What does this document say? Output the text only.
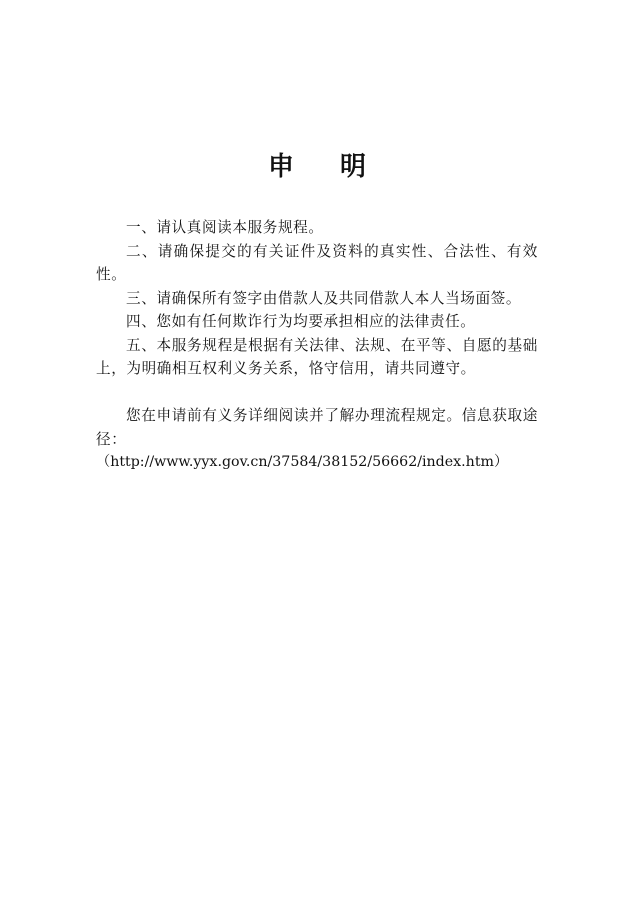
申 明

一、请认真阅读本服务规程。

二、请确保提交的有关证件及资料的真实性、合法性、有效性。

三、请确保所有签字由借款人及共同借款人本人当场面签。

四、您如有任何欺诈行为均要承担相应的法律责任。

五、本服务规程是根据有关法律、法规、在平等、自愿的基础上，为明确相互权利义务关系，恪守信用，请共同遵守。

您在申请前有义务详细阅读并了解办理流程规定。信息获取途径：

（http://www.yyx.gov.cn/37584/38152/56662/index.htm）
